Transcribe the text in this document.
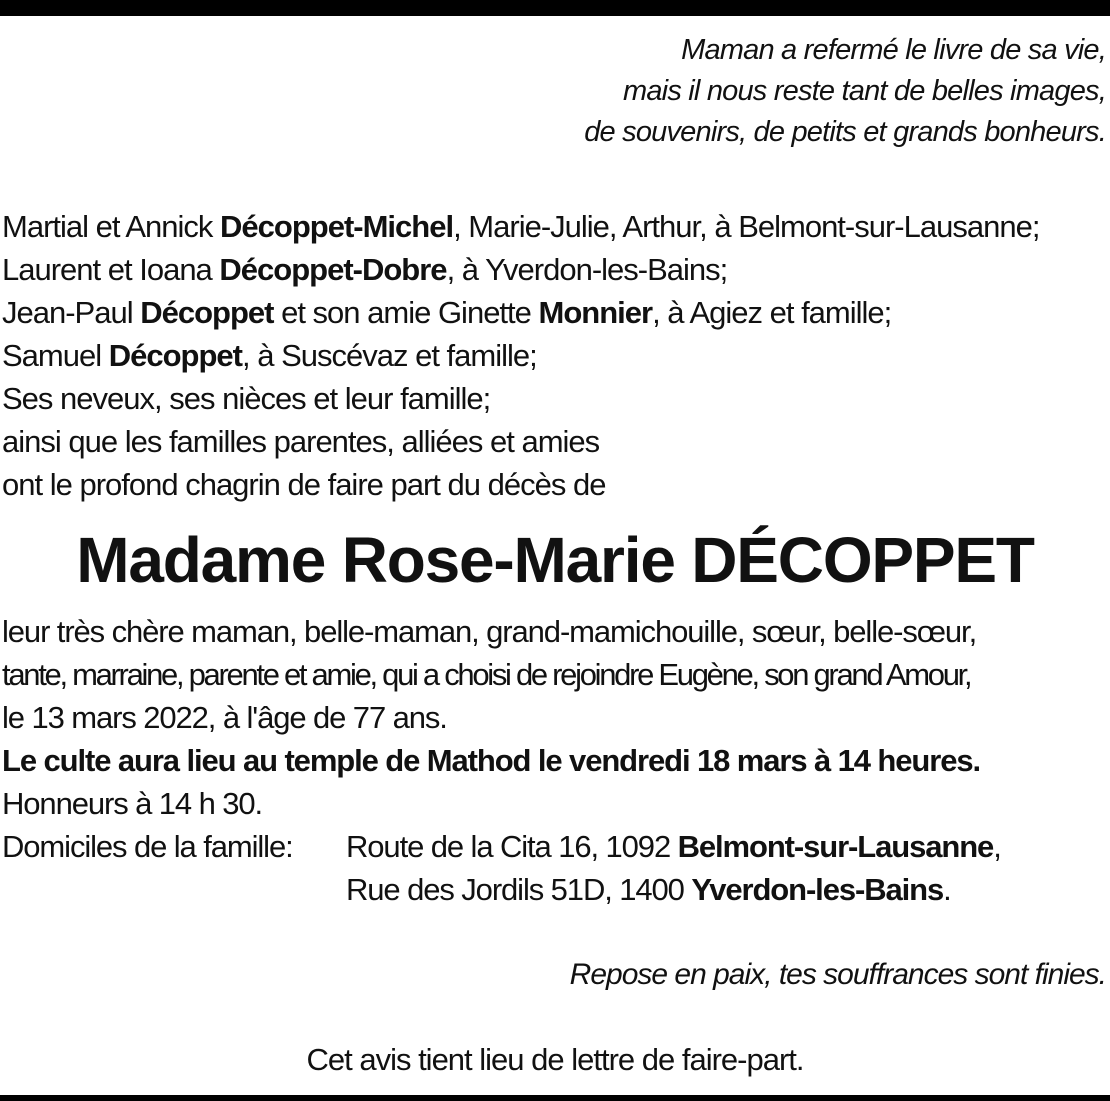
Maman a refermé le livre de sa vie,
mais il nous reste tant de belles images,
de souvenirs, de petits et grands bonheurs.
Martial et Annick Décoppet-Michel, Marie-Julie, Arthur, à Belmont-sur-Lausanne;
Laurent et Ioana Décoppet-Dobre, à Yverdon-les-Bains;
Jean-Paul Décoppet et son amie Ginette Monnier, à Agiez et famille;
Samuel Décoppet, à Suscévaz et famille;
Ses neveux, ses nièces et leur famille;
ainsi que les familles parentes, alliées et amies
ont le profond chagrin de faire part du décès de
Madame Rose-Marie DÉCOPPET
leur très chère maman, belle-maman, grand-mamichouille, sœur, belle-sœur,
tante, marraine, parente et amie, qui a choisi de rejoindre Eugène, son grand Amour,
le 13 mars 2022, à l'âge de 77 ans.
Le culte aura lieu au temple de Mathod le vendredi 18 mars à 14 heures.
Honneurs à 14 h 30.
Domiciles de la famille:	Route de la Cita 16, 1092 Belmont-sur-Lausanne,
Rue des Jordils 51D, 1400 Yverdon-les-Bains.
Repose en paix, tes souffrances sont finies.
Cet avis tient lieu de lettre de faire-part.
